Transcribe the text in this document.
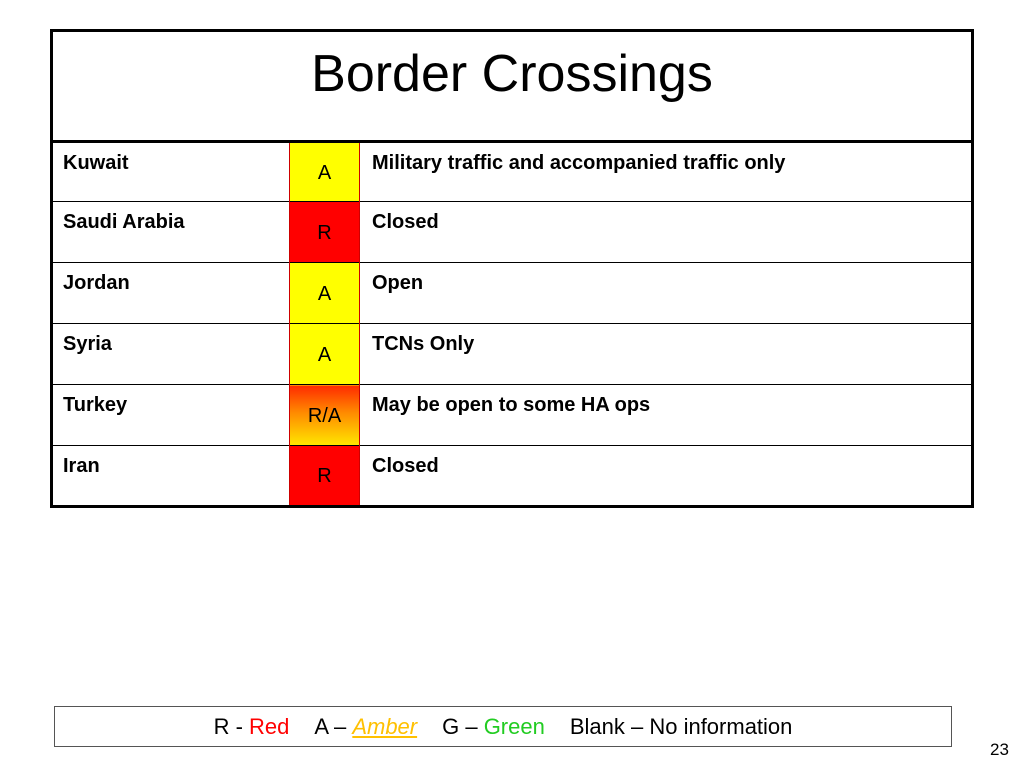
Border Crossings		

Kuwait	A	Military traffic and accompanied traffic only
Saudi Arabia	R	Closed
Jordan	A	Open
Syria	A	TCNs Only
Turkey	R/A	May be open to some HA ops
Iran	R	Closed
R - Red A – Amber G – Green Blank – No information
23
